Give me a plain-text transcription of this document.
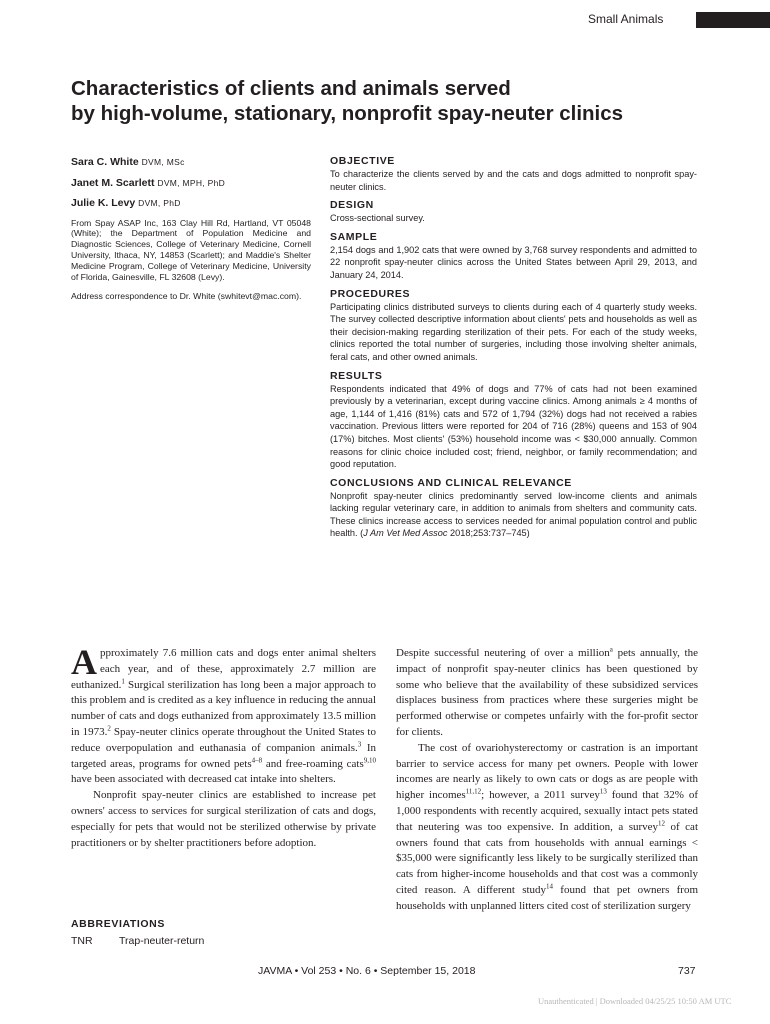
Small Animals
Characteristics of clients and animals served
by high-volume, stationary, nonprofit spay-neuter clinics
Sara C. White DVM, MSc
Janet M. Scarlett DVM, MPH, PhD
Julie K. Levy DVM, PhD

From Spay ASAP Inc, 163 Clay Hill Rd, Hartland, VT 05048 (White); the Department of Population Medicine and Diagnostic Sciences, College of Veterinary Medicine, Cornell University, Ithaca, NY, 14853 (Scarlett); and Maddie's Shelter Medicine Program, College of Veterinary Medicine, University of Florida, Gainesville, FL 32608 (Levy).

Address correspondence to Dr. White (swhitevt@mac.com).

OBJECTIVE

To characterize the clients served by and the cats and dogs admitted to nonprofit spay-neuter clinics.

DESIGN

Cross-sectional survey.

SAMPLE

2,154 dogs and 1,902 cats that were owned by 3,768 survey respondents and admitted to 22 nonprofit spay-neuter clinics across the United States between April 29, 2013, and January 24, 2014.

PROCEDURES

Participating clinics distributed surveys to clients during each of 4 quarterly study weeks. The survey collected descriptive information about clients' pets and households as well as their decision-making regarding sterilization of their pets. For each of the study weeks, clinics reported the total number of surgeries, including those involving shelter animals, feral cats, and other owned animals.

RESULTS

Respondents indicated that 49% of dogs and 77% of cats had not been examined previously by a veterinarian, except during vaccine clinics. Among animals ≥ 4 months of age, 1,144 of 1,416 (81%) cats and 572 of 1,794 (32%) dogs had not received a rabies vaccination. Previous litters were reported for 204 of 716 (28%) queens and 153 of 904 (17%) bitches. Most clients' (53%) household income was < $30,000 annually. Common reasons for clinic choice included cost; friend, neighbor, or family recommendation; and good reputation.

CONCLUSIONS AND CLINICAL RELEVANCE

Nonprofit spay-neuter clinics predominantly served low-income clients and animals lacking regular veterinary care, in addition to animals from shelters and community cats. These clinics increase access to services needed for animal population control and public health. (J Am Vet Med Assoc 2018;253:737–745)

Approximately 7.6 million cats and dogs enter animal shelters each year, and of these, approximately 2.7 million are euthanized.$^1$ Surgical sterilization has long been a major approach to this problem and is credited as a key influence in reducing the annual number of cats and dogs euthanized from approximately 13.5 million in 1973.$^2$ Spay-neuter clinics operate throughout the United States to reduce overpopulation and euthanasia of companion animals.$^3$ In targeted areas, programs for owned pets$^{4-8}$ and free-roaming cats$^{9,10}$ have been associated with decreased cat intake into shelters.

Nonprofit spay-neuter clinics are established to increase pet owners' access to services for surgical sterilization of cats and dogs, especially for pets that would not be sterilized otherwise by private practitioners or by shelter practitioners before adoption.

ABBREVIATIONS
TNR	Trap-neuter-return

Despite successful neutering of over a million$^a$ pets annually, the impact of nonprofit spay-neuter clinics has been questioned by some who believe that the availability of these subsidized services displaces business from practices where these surgeries might be performed otherwise or competes unfairly with the for-profit sector for clients.

The cost of ovariohysterectomy or castration is an important barrier to service access for many pet owners. People with lower incomes are nearly as likely to own cats or dogs as are people with higher incomes$^{11,12}$; however, a 2011 survey$^{13}$ found that 32% of 1,000 respondents with recently acquired, sexually intact pets stated that neutering was too expensive. In addition, a survey$^{12}$ of cat owners found that cats from households with annual earnings < $35,000 were significantly less likely to be surgically sterilized than cats from higher-income households and that cost was a commonly cited reason. A different study$^{14}$ found that pet owners from households with unplanned litters cited cost of sterilization surgery

JAVMA • Vol 253 • No. 6 • September 15, 2018	737
Unauthenticated | Downloaded 04/25/25 10:50 AM UTC
